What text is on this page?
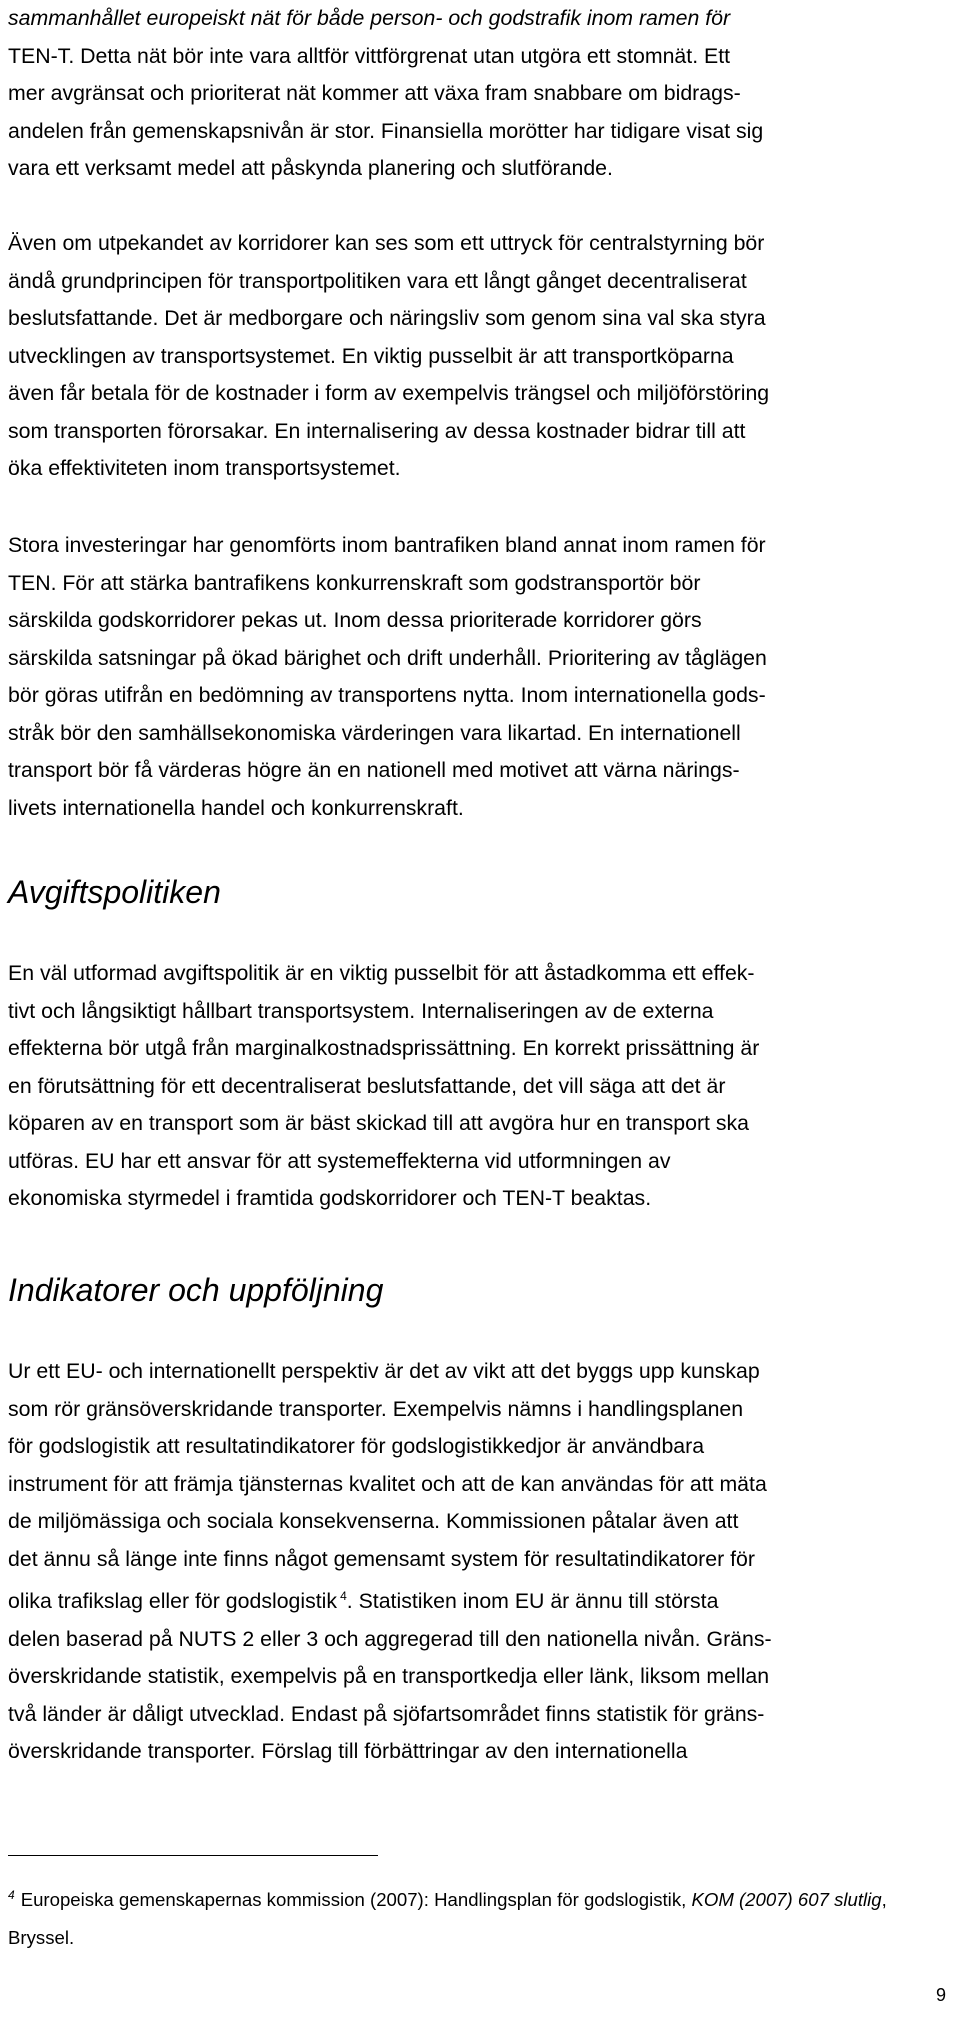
sammanhållet europeiskt nät för både person- och godstrafik inom ramen för
TEN-T. Detta nät bör inte vara alltför vittförgrenat utan utgöra ett stomnät. Ett
mer avgränsat och prioriterat nät kommer att växa fram snabbare om bidrags-
andelen från gemenskapsnivån är stor. Finansiella morötter har tidigare visat sig
vara ett verksamt medel att påskynda planering och slutförande.
Även om utpekandet av korridorer kan ses som ett uttryck för centralstyrning bör
ändå grundprincipen för transportpolitiken vara ett långt gånget decentraliserat
beslutsfattande. Det är medborgare och näringsliv som genom sina val ska styra
utvecklingen av transportsystemet. En viktig pusselbit är att transportköparna
även får betala för de kostnader i form av exempelvis trängsel och miljöförstöring
som transporten förorsakar. En internalisering av dessa kostnader bidrar till att
öka effektiviteten inom transportsystemet.
Stora investeringar har genomförts inom bantrafiken bland annat inom ramen för
TEN. För att stärka bantrafikens konkurrenskraft som godstransportör bör
särskilda godskorridorer pekas ut. Inom dessa prioriterade korridorer görs
särskilda satsningar på ökad bärighet och drift underhåll. Prioritering av tåglägen
bör göras utifrån en bedömning av transportens nytta. Inom internationella gods-
stråk bör den samhällsekonomiska värderingen vara likartad. En internationell
transport bör få värderas högre än en nationell med motivet att värna närings-
livets internationella handel och konkurrenskraft.
Avgiftspolitiken
En väl utformad avgiftspolitik är en viktig pusselbit för att åstadkomma ett effek-
tivt och långsiktigt hållbart transportsystem. Internaliseringen av de externa
effekterna bör utgå från marginalkostnadsprissättning. En korrekt prissättning är
en förutsättning för ett decentraliserat beslutsfattande, det vill säga att det är
köparen av en transport som är bäst skickad till att avgöra hur en transport ska
utföras. EU har ett ansvar för att systemeffekterna vid utformningen av
ekonomiska styrmedel i framtida godskorridorer och TEN-T beaktas.
Indikatorer och uppföljning
Ur ett EU- och internationellt perspektiv är det av vikt att det byggs upp kunskap
som rör gränsöverskridande transporter. Exempelvis nämns i handlingsplanen
för godslogistik att resultatindikatorer för godslogistikkedjor är användbara
instrument för att främja tjänsternas kvalitet och att de kan användas för att mäta
de miljömässiga och sociala konsekvenserna. Kommissionen påtalar även att
det ännu så länge inte finns något gemensamt system för resultatindikatorer för
olika trafikslag eller för godslogistik $^4$. Statistiken inom EU är ännu till största
delen baserad på NUTS 2 eller 3 och aggregerad till den nationella nivån. Gräns-
överskridande statistik, exempelvis på en transportkedja eller länk, liksom mellan
två länder är dåligt utvecklad. Endast på sjöfartsområdet finns statistik för gräns-
överskridande transporter. Förslag till förbättringar av den internationella

$^4$ Europeiska gemenskapernas kommission (2007): Handlingsplan för godslogistik, KOM (2007) 607 slutlig, Bryssel.

9
